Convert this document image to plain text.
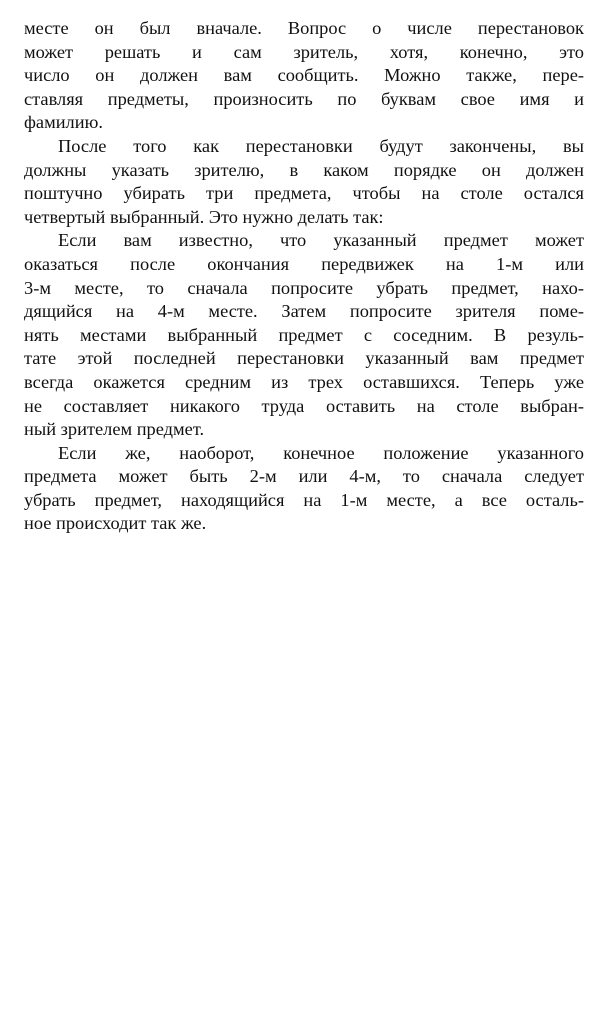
месте он был вначале. Вопрос о числе перестановок
может решать и сам зритель, хотя, конечно, это
число он должен вам сообщить. Можно также, пере-
ставляя предметы, произносить по буквам свое имя и
фамилию.
После того как перестановки будут закончены, вы
должны указать зрителю, в каком порядке он должен
поштучно убирать три предмета, чтобы на столе остался
четвертый выбранный. Это нужно делать так:
Если вам известно, что указанный предмет может
оказаться после окончания передвижек на 1-м или
3-м месте, то сначала попросите убрать предмет, нахо-
дящийся на 4-м месте. Затем попросите зрителя поме-
нять местами выбранный предмет с соседним. В резуль-
тате этой последней перестановки указанный вам предмет
всегда окажется средним из трех оставшихся. Теперь уже
не составляет никакого труда оставить на столе выбран-
ный зрителем предмет.
Если же, наоборот, конечное положение указанного
предмета может быть 2-м или 4-м, то сначала следует
убрать предмет, находящийся на 1-м месте, а все осталь-
ное происходит так же.
